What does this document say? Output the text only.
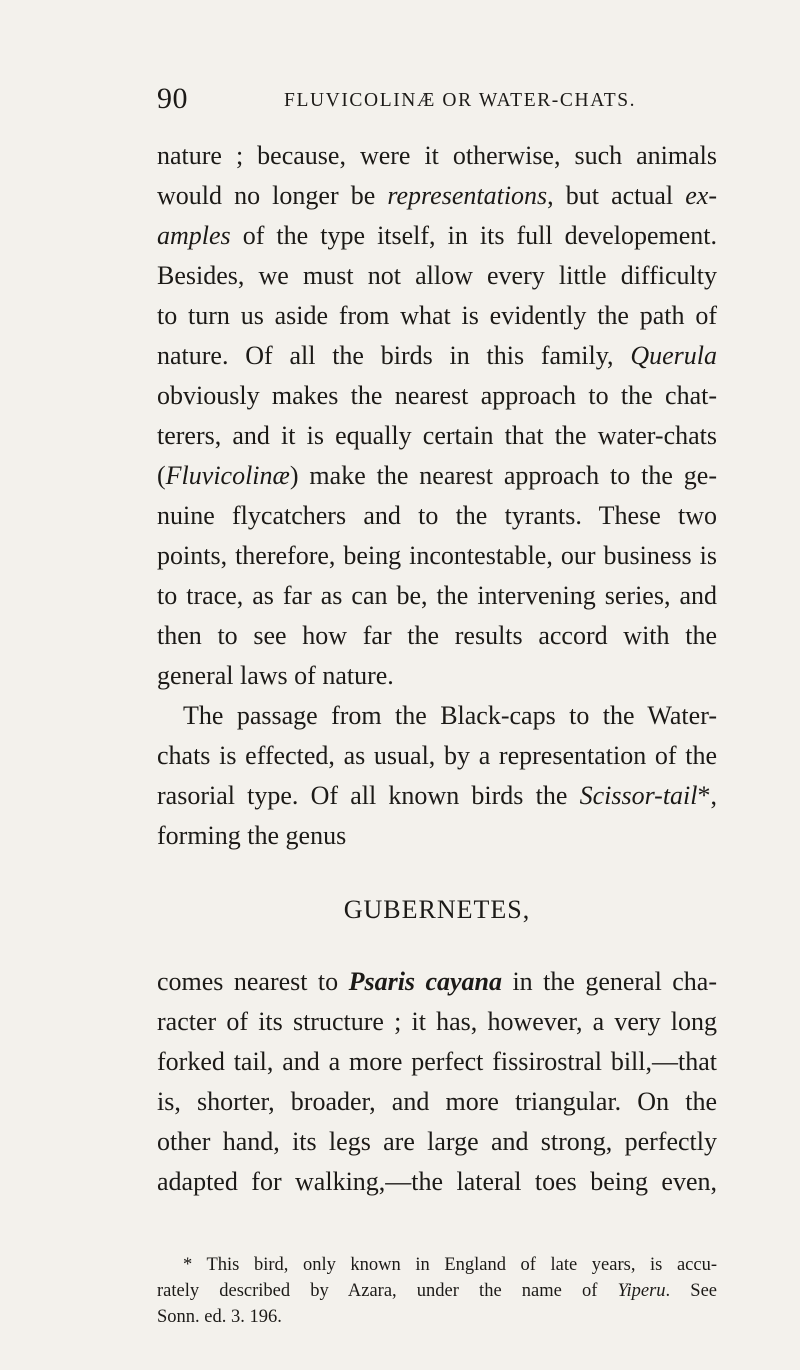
90	FLUVICOLINÆ OR WATER-CHATS.
nature ; because, were it otherwise, such animals
would no longer be representations, but actual ex-
amples of the type itself, in its full developement.
Besides, we must not allow every little difficulty
to turn us aside from what is evidently the path of
nature. Of all the birds in this family, Querula
obviously makes the nearest approach to the chat-
terers, and it is equally certain that the water-chats
(Fluvicolinæ) make the nearest approach to the ge-
nuine flycatchers and to the tyrants. These two
points, therefore, being incontestable, our business is
to trace, as far as can be, the intervening series, and
then to see how far the results accord with the
general laws of nature.
The passage from the Black-caps to the Water-
chats is effected, as usual, by a representation of the
rasorial type. Of all known birds the Scissor-tail*,
forming the genus
GUBERNETES,
comes nearest to Psaris cayana in the general cha-
racter of its structure ; it has, however, a very long
forked tail, and a more perfect fissirostral bill,—that
is, shorter, broader, and more triangular. On the
other hand, its legs are large and strong, perfectly
adapted for walking,—the lateral toes being even,
* This bird, only known in England of late years, is accu-
rately described by Azara, under the name of Yiperu. See
Sonn. ed. 3. 196.
